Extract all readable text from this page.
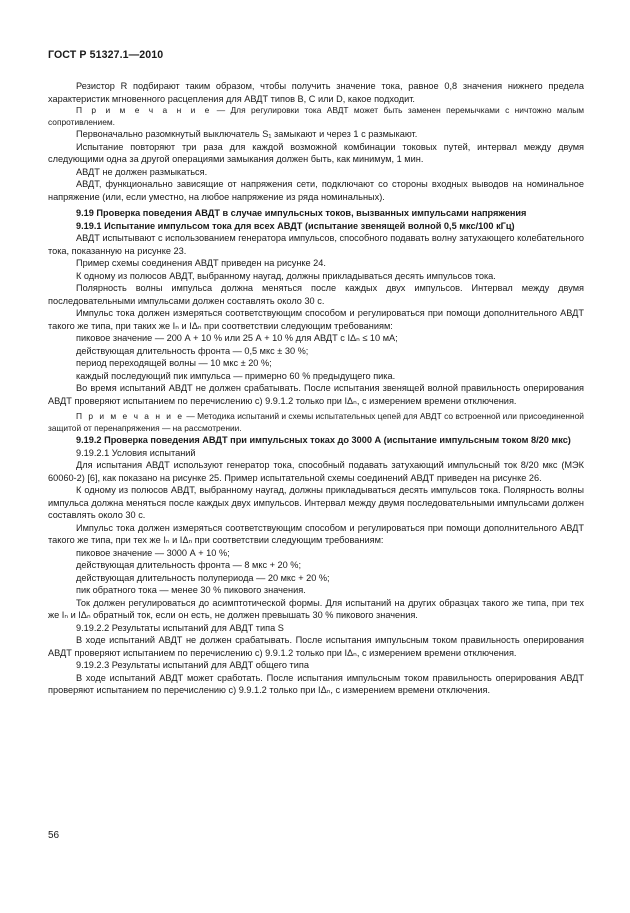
ГОСТ Р 51327.1—2010

Резистор R подбирают таким образом, чтобы получить значение тока, равное 0,8 значения нижнего предела характеристик мгновенного расцепления для АВДТ типов B, C или D, какое подходит.

П р и м е ч а н и е — Для регулировки тока АВДТ может быть заменен перемычками с ничтожно малым сопротивлением.

Первоначально разомкнутый выключатель S₁ замыкают и через 1 с размыкают.

Испытание повторяют три раза для каждой возможной комбинации токовых путей, интервал между двумя следующими одна за другой операциями замыкания должен быть, как минимум, 1 мин.

АВДТ не должен размыкаться.

АВДТ, функционально зависящие от напряжения сети, подключают со стороны входных выводов на номинальное напряжение (или, если уместно, на любое напряжение из ряда номинальных).

9.19 Проверка поведения АВДТ в случае импульсных токов, вызванных импульсами напряжения

9.19.1 Испытание импульсом тока для всех АВДТ (испытание звенящей волной 0,5 мкс/100 кГц)

АВДТ испытывают с использованием генератора импульсов, способного подавать волну затухающего колебательного тока, показанную на рисунке 23.

Пример схемы соединения АВДТ приведен на рисунке 24.

К одному из полюсов АВДТ, выбранному наугад, должны прикладываться десять импульсов тока.

Полярность волны импульса должна меняться после каждых двух импульсов. Интервал между двумя последовательными импульсами должен составлять около 30 с.

Импульс тока должен измеряться соответствующим способом и регулироваться при помощи дополнительного АВДТ такого же типа, при таких же Iₙ и IΔₙ при соответствии следующим требованиям:

пиковое значение — 200 А + 10 % или 25 А + 10 % для АВДТ с IΔₙ ≤ 10 мА;

действующая длительность фронта — 0,5 мкс ± 30 %;

период переходящей волны — 10 мкс ± 20 %;

каждый последующий пик импульса — примерно 60 % предыдущего пика.

Во время испытаний АВДТ не должен срабатывать. После испытания звенящей волной правильность оперирования АВДТ проверяют испытанием по перечислению с) 9.9.1.2 только при IΔₙ, с измерением времени отключения.

П р и м е ч а н и е — Методика испытаний и схемы испытательных цепей для АВДТ со встроенной или присоединенной защитой от перенапряжения — на рассмотрении.

9.19.2 Проверка поведения АВДТ при импульсных токах до 3000 А (испытание импульсным током 8/20 мкс)

9.19.2.1 Условия испытаний

Для испытания АВДТ используют генератор тока, способный подавать затухающий импульсный ток 8/20 мкс (МЭК 60060-2) [6], как показано на рисунке 25. Пример испытательной схемы соединений АВДТ приведен на рисунке 26.

К одному из полюсов АВДТ, выбранному наугад, должны прикладываться десять импульсов тока. Полярность волны импульса должна меняться после каждых двух импульсов. Интервал между двумя последовательными импульсами должен составлять около 30 с.

Импульс тока должен измеряться соответствующим способом и регулироваться при помощи дополнительного АВДТ такого же типа, при тех же Iₙ и IΔₙ при соответствии следующим требованиям:

пиковое значение — 3000 А + 10 %;

действующая длительность фронта — 8 мкс + 20 %;

действующая длительность полупериода — 20 мкс + 20 %;

пик обратного тока — менее 30 % пикового значения.

Ток должен регулироваться до асимптотической формы. Для испытаний на других образцах такого же типа, при тех же Iₙ и IΔₙ обратный ток, если он есть, не должен превышать 30 % пикового значения.

9.19.2.2 Результаты испытаний для АВДТ типа S

В ходе испытаний АВДТ не должен срабатывать. После испытания импульсным током правильность оперирования АВДТ проверяют испытанием по перечислению с) 9.9.1.2 только при IΔₙ, с измерением времени отключения.

9.19.2.3 Результаты испытаний для АВДТ общего типа

В ходе испытаний АВДТ может сработать. После испытания импульсным током правильность оперирования АВДТ проверяют испытанием по перечислению с) 9.9.1.2 только при IΔₙ, с измерением времени отключения.

56
